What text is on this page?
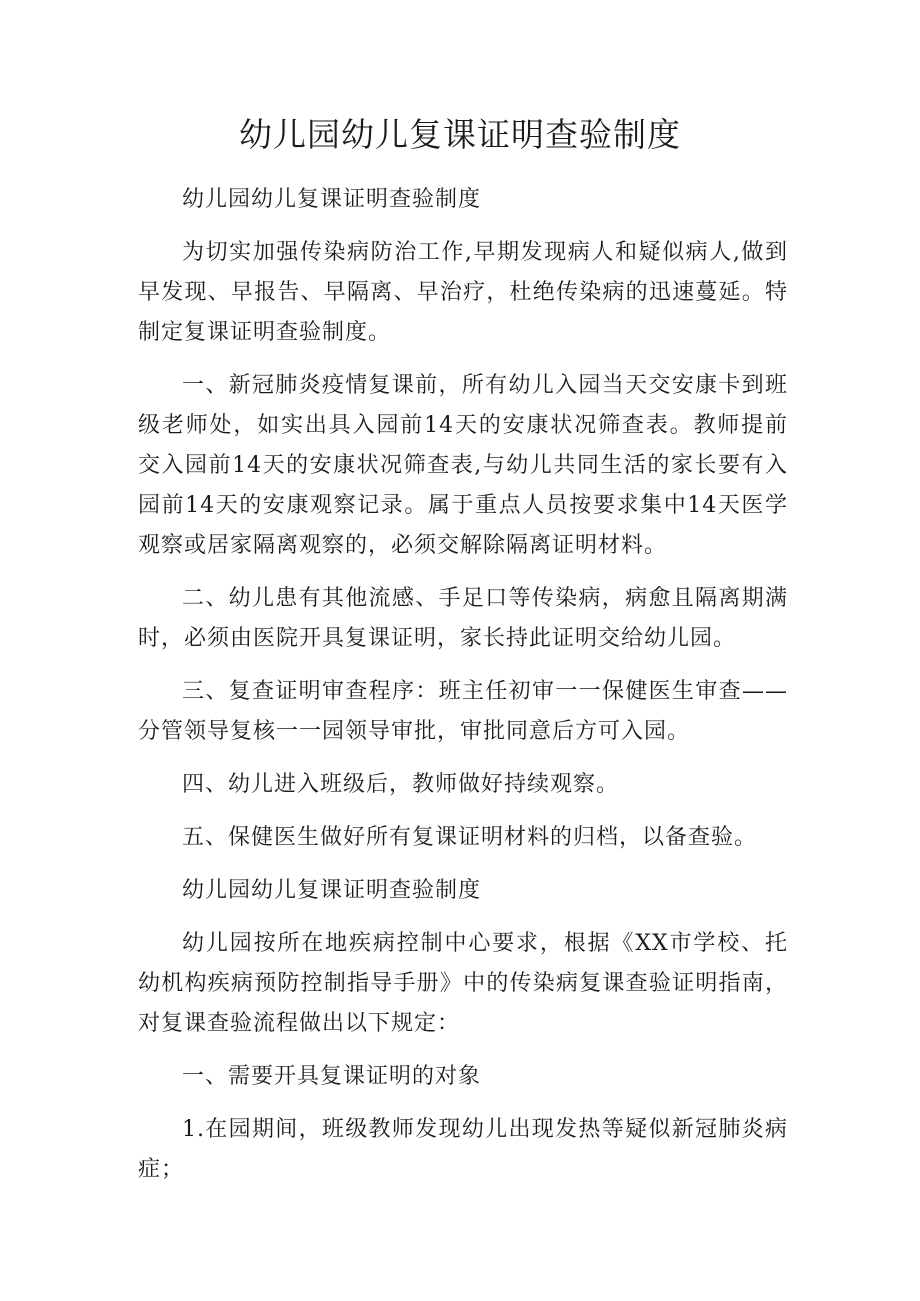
幼儿园幼儿复课证明查验制度

幼儿园幼儿复课证明查验制度

为切实加强传染病防治工作,早期发现病人和疑似病人,做到早发现、早报告、早隔离、早治疗，杜绝传染病的迅速蔓延。特制定复课证明查验制度。

一、新冠肺炎疫情复课前，所有幼儿入园当天交安康卡到班级老师处，如实出具入园前14天的安康状况筛查表。教师提前交入园前14天的安康状况筛查表,与幼儿共同生活的家长要有入园前14天的安康观察记录。属于重点人员按要求集中14天医学观察或居家隔离观察的，必须交解除隔离证明材料。

二、幼儿患有其他流感、手足口等传染病，病愈且隔离期满时，必须由医院开具复课证明，家长持此证明交给幼儿园。

三、复查证明审查程序：班主任初审一一保健医生审查——分管领导复核一一园领导审批，审批同意后方可入园。

四、幼儿进入班级后，教师做好持续观察。

五、保健医生做好所有复课证明材料的归档，以备查验。

幼儿园幼儿复课证明查验制度

幼儿园按所在地疾病控制中心要求，根据《XX市学校、托幼机构疾病预防控制指导手册》中的传染病复课查验证明指南，对复课查验流程做出以下规定：

一、需要开具复课证明的对象

1.在园期间，班级教师发现幼儿出现发热等疑似新冠肺炎病症；
